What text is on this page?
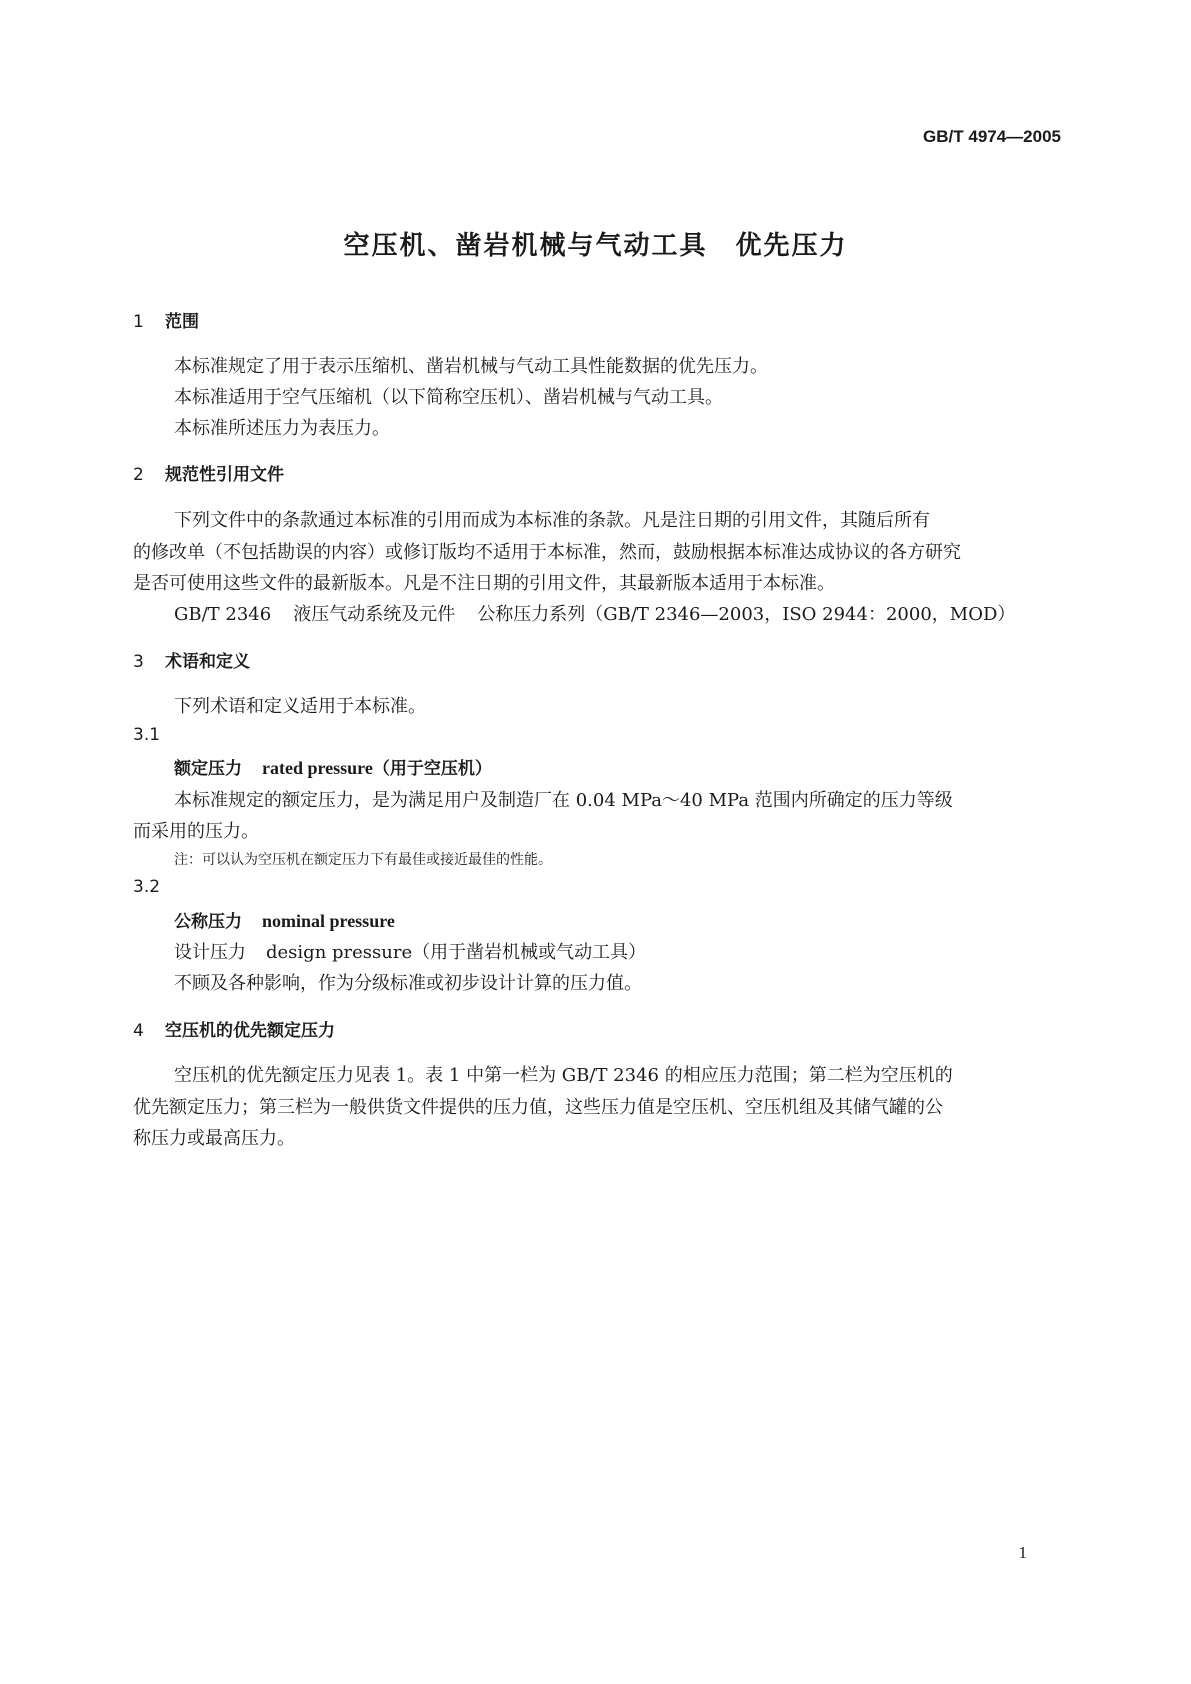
GB/T 4974—2005
空压机、凿岩机械与气动工具 优先压力
1 范围
本标准规定了用于表示压缩机、凿岩机械与气动工具性能数据的优先压力。
本标准适用于空气压缩机（以下简称空压机）、凿岩机械与气动工具。
本标准所述压力为表压力。
2 规范性引用文件
下列文件中的条款通过本标准的引用而成为本标准的条款。凡是注日期的引用文件，其随后所有
的修改单（不包括勘误的内容）或修订版均不适用于本标准，然而，鼓励根据本标准达成协议的各方研究
是否可使用这些文件的最新版本。凡是不注日期的引用文件，其最新版本适用于本标准。
GB/T 2346 液压气动系统及元件 公称压力系列（GB/T 2346—2003，ISO 2944：2000，MOD）
3 术语和定义
下列术语和定义适用于本标准。
3.1
额定压力 rated pressure（用于空压机）
本标准规定的额定压力，是为满足用户及制造厂在 0.04 MPa～40 MPa 范围内所确定的压力等级
而采用的压力。
注：可以认为空压机在额定压力下有最佳或接近最佳的性能。
3.2
公称压力 nominal pressure
设计压力 design pressure（用于凿岩机械或气动工具）
不顾及各种影响，作为分级标准或初步设计计算的压力值。
4 空压机的优先额定压力
空压机的优先额定压力见表 1。表 1 中第一栏为 GB/T 2346 的相应压力范围；第二栏为空压机的
优先额定压力；第三栏为一般供货文件提供的压力值，这些压力值是空压机、空压机组及其储气罐的公
称压力或最高压力。
1
